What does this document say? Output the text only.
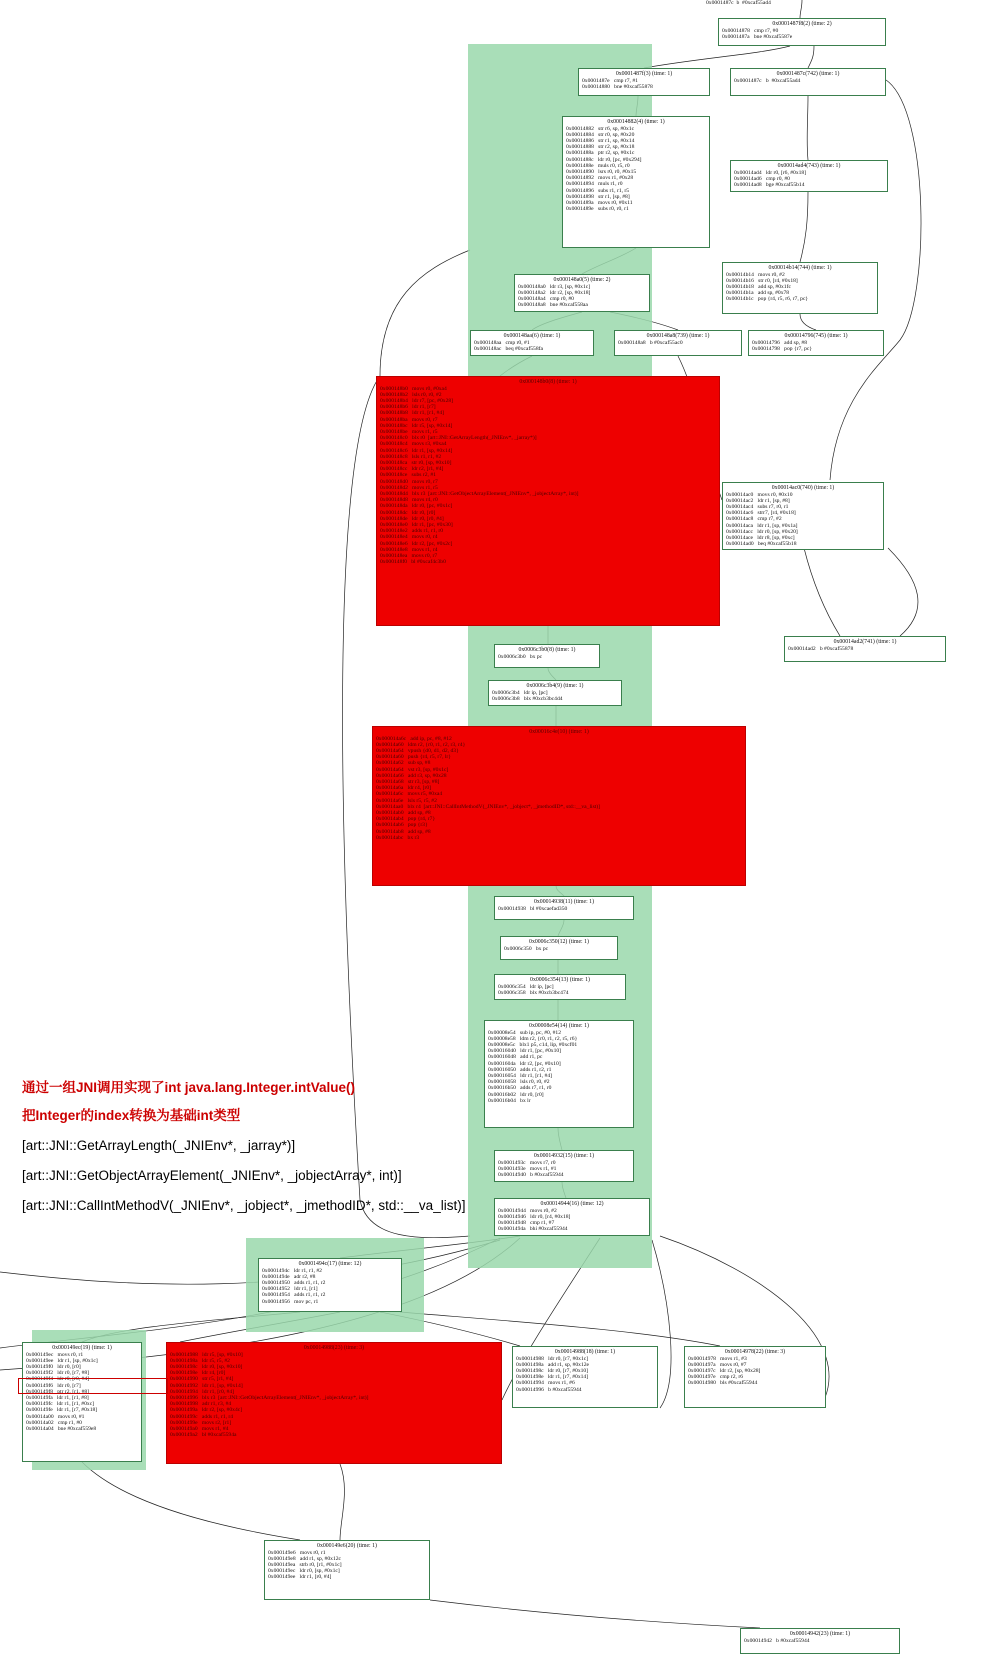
0x0001487c  b  #0xcaf55ad4
0x0001487f8(2) (time: 2)
0x00014878   cmp r7, #0
0x0001487a   bne #0xcaf5587e
0x0001487f(3) (time: 1)
0x0001487e   cmp r7, #1
0x00014880   bne #0xcaf55878
0x0001487c(742) (time: 1)
0x0001487c   b  #0xcaf55ad4
0x00014882(4) (time: 1)
0x00014882   str r6, sp, #0x1c
0x00014884   str r0, sp, #0x20
0x00014886   str r1, sp, #0x14
0x00014888   str r2, sp, #0x18
0x0001488a   ptr r2, sp, #0x1c
0x0001488c   ldr r0, [pc, #0x294]
0x0001488e   muls r0, r5, r0
0x00014890   lsrs r0, r0, #0x15
0x00014892   movs r1, #0x28
0x00014894   muls r1, r0
0x00014896   subs r1, r1, r5
0x00014898   str r1, [sp, #8]
0x0001489a   movs r0, #0x11
0x0001489e   subs r0, r0, r1
0x000148a0(5) (time: 2)
0x000148a0   ldr r3, [sp, #0x1c]
0x000148a2   ldr r2, [sp, #0x18]
0x000148a4   cmp r0, #0
0x000148a8   bne #0xcaf558aa
0x00014ad4(743) (time: 1)
0x00014ad4   ldr r0, [r6, #0x18]
0x00014ad6   cmp r0, #0
0x00014ad8   bge #0xcaf55b14
0x000148aa(6) (time: 1)
0x000148aa   cmp r0, #1
0x000148ac   beq #0xcaf558fa
0x000148a8(739) (time: 1)
0x000148a8   b #0xcaf55ac0
0x00014b14(744) (time: 1)
0x00014b14   movs r0, #2
0x00014b16   str r0, [r4, #0x18]
0x00014b18   add sp, #0x1fc
0x00014b1a   add sp, #0x78
0x00014b1c   pop {r4, r5, r6, r7, pc}
0x00014796(745) (time: 1)
0x00014796   add sp, #8
0x00014798   pop {r7, pc}
0x000148b0(8) (time: 1)
0x000148b0   movs r0, #0xa4
0x000148b2   lsls r0, r0, #2
0x000148b4   ldr r7, [pc, #0x28]
0x000148b6   ldr r1, [r7]
0x000148b8   ldr r1, [r1, #4]
0x000148ba   movs r0, r7
0x000148bc   ldr r5, [sp, #0x14]
0x000148be   movs r1, r5
0x000148c0   blx r0  [art::JNI::GetArrayLength(_JNIEnv*, _jarray*)]
0x000148c4   movs r3, #0xa4
0x000148c6   ldr r1, [sp, #0x14]
0x000148c8   lsls r1, r1, #2
0x000148ca   str r0, [sp, #0x10]
0x000148cc   ldr r2, [r1, #4]
0x000148ce   subs r2, #1
0x000148d0   movs r0, r7
0x000148d2   movs r1, r5
0x000148d4   blx r3  [art::JNI::GetObjectArrayElement(_JNIEnv*, _jobjectArray*, int)]
0x000148d8   movs r4, r0
0x000148da   ldr r0, [pc, #0x1c]
0x000148dc   ldr r0, [r0]
0x000148de   ldr r0, [r0, #4]
0x000148e0   ldr r1, [pc, #0x30]
0x000148e2   adds r1, r1, r0
0x000148e4   movs r0, r4
0x000148e6   ldr r2, [pc, #0x2c]
0x000148e8   movs r1, r4
0x000148ea   movs r0, r7
0x000148f0   bl #0xcaf4c3b0
0x00014ac0(740) (time: 1)
0x00014ac0   movs r0, #0x10
0x00014ac2   ldr r1, [sp, #8]
0x00014ac4   subs r7, r0, r1
0x00014ac6   strr7, [r4, #0x18]
0x00014ac8   cmp r7, #2
0x00014aca   ldr r1, [sp, #0x1a]
0x00014acc   ldr r0, [sp, #0x20]
0x00014ace   ldr r8, [sp, #0xc]
0x00014ad0   beq #0xcaf55b18
0x00014ad2(741) (time: 1)
0x00014ad2   b #0xcaf55878
0x0006c3b0(8) (time: 1)
0x0006c3b0   bx pc
0x0006c3b4(9) (time: 1)
0x0006c3b4   ldr ip, [pc]
0x0006c3b8   blx #0xcb3bc4d4
0x00016c4e(10) (time: 1)
0x000014a6c   add ip, pc, #8, #12
0x00014a60   ldm r2, {r0, r1, r2, r3, r4}
0x00014a64   vpush {d0, d1, d2, d3}
0x00014a60   push {r4, r5, r7, lr}
0x00014a62   sub sp, #8
0x00014a64   vst r3, [sp, #0x1c]
0x00014a66   add r3, sp, #0x28
0x00014a68   str r3, [sp, #8]
0x00014a6a   ldr r4, [r0]
0x00014a6c   movs r5, #0xa4
0x00014a6e   lsls r5, r5, #2
0x00014aa0   blx r4  [art::JNI::CallIntMethodV(_JNIEnv*, _jobject*, _jmethodID*, std::__va_list)]
0x00014ab0   add sp, #8
0x00014ab4   pop {r4, r7}
0x00014ab6   pop {r3}
0x00014ab8   add sp, #8
0x00014abc   bx r3
0x00014938(11) (time: 1)
0x00014938   bl #0xcaefad350
0x0006c350(12) (time: 1)
0x0006c350   bx pc
0x0006c354(13) (time: 1)
0x0006c354   ldr ip, [pc]
0x0006c358   blx #0xcb3bc474
0x00008e54(14) (time: 1)
0x00008e54   sub ip, pc, #0, #12
0x00008e58   ldm r2, {r0, r1, r2, r5, r6}
0x00008e5c   blx1 p5, c14, lip, #0xcf01
0x00016040   ldr r1, [pc, #0x10]
0x00016048   add r1, pc
0x0001604a   ldr r2, [pc, #0x10]
0x00016050   adds r1, r2, r1
0x00016054   ldr r1, [r1, #4]
0x00016058   lsls r0, r0, #2
0x00016b50   adds r7, r1, r0
0x00016b02   ldr r0, [r0]
0x00016b04   bx lr
0x00014932(15) (time: 1)
0x0001493c   movs r7, r0
0x0001493e   movs r1, #1
0x00014940   b #0xcaf55944
0x00014944(16) (time: 12)
0x00014944   movs r0, #2
0x00014946   ldr r0, [r4, #0x18]
0x00014948   cmp r1, #7
0x0001494a   bhi #0xcaf55944
0x0001494c(17) (time: 12)
0x0001494c   ldr r1, r1, #2
0x0001494e   adr r2, #8
0x00014950   adds r1, r1, r2
0x00014952   ldr r1, [r1]
0x00014954   adds r1, r1, r2
0x00014956   mov pc, r1
0x000149ec(19) (time: 1)
0x000149ec   movs r0, r1
0x000149ee   ldr r1, [sp, #0x1c]
0x000149f0   ldr r0, [r0]
0x000149f2   ldr r0, [r7, #8]
0x000149f4   ldr r0, [r0, #4]
0x000149f6   ldr r0, [r7]
0x000149f8   ptr r2, [r1, #8]
0x000149fa   ldr r1, [r1, #8]
0x000149fc   ldr r1, [r1, #0xc]
0x000149fe   ldr r1, [r7, #0x18]
0x00014a00   movs r0, #1
0x00014a02   cmp r1, #0
0x00014a04   bne #0xcaf559e8
0x00014988(23) (time: 3)
0x00014988   ldr r5, [sp, #0x10]
0x0001498a   ldr r5, r5, #2
0x0001498c   ldr r0, [sp, #0x10]
0x0001498e   ldr r4, [r0]
0x00014990   str r5, [r1, #4]
0x00014992   ldr r1, [sp, #0x14]
0x00014994   ldr r1, [r0, #4]
0x00014996   blx r3  [art::JNI::GetObjectArrayElement(_JNIEnv*, _jobjectArray*, int)]
0x00014998   adr r1, r3, #4
0x0001499a   ldr r2, [sp, #0x4c]
0x0001499c   adds r1, r1, r4
0x0001499e   movs r2, [r1]
0x000149a0   movs r1, #4
0x000149a2   bl #0xcaf5594a
0x00014988(18) (time: 1)
0x00014988   ldr r0, [r7, #0x1c]
0x0001498a   add r1, sp, #0x12e
0x0001498c   ldr r0, [r7, #0x10]
0x0001498e   ldr r1, [r7, #0x14]
0x00014994   movs r1, #6
0x00014996   b #0xcaf55944
0x00014978(22) (time: 3)
0x00014978   movs r1, #3
0x0001497a   movs r0, #7
0x0001497c   ldr r2, [sp, #0x28]
0x0001497e   cmp r2, r6
0x00014980   bls #0xcaf55944
0x000149e6(20) (time: 1)
0x000149e6   movs r0, r1
0x000149e8   add r1, sp, #0x12c
0x000149ea   strb r0, [r1, #0x1c]
0x000149ec   ldr r0, [sp, #0x1c]
0x000149ee   ldr r1, [r0, #4]
0x00014942(23) (time: 1)
0x00014942   b #0xcaf55944
通过一组JNI调用实现了int java.lang.Integer.intValue()
把Integer的index转换为基础int类型
[art::JNI::GetArrayLength(_JNIEnv*, _jarray*)]
[art::JNI::GetObjectArrayElement(_JNIEnv*, _jobjectArray*, int)]
[art::JNI::CallIntMethodV(_JNIEnv*, _jobject*, _jmethodID*, std::__va_list)]
